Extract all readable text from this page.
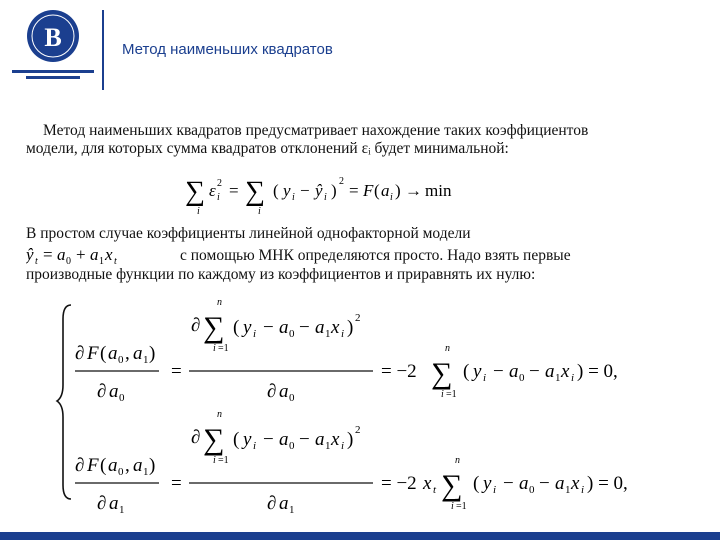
В	Метод наименьших квадратов
Метод наименьших квадратов предусматривает нахождение таких коэффициентов
модели, для которых сумма квадратов отклонений εᵢ будет минимальной:
∑
i
ε i
2 = ∑
i
( y i − ŷ i ) 2 = F ( a i ) → min
В простом случае коэффициенты линейной однофакторной модели
ŷ t = a 0 + a 1 x t	с помощью МНК определяются просто. Надо взять первые
производные функции по каждому из коэффициентов и приравнять их нулю:
∂ F ( a 0 , a 1 )
∂ a 0
=
∂ ∑
n
i =1
( y i − a 0 − a 1 x i ) 2
∂ a 0
= −2 ∑
n
i =1
( y i − a 0 − a 1 x i ) = 0,
∂ F ( a 0 , a 1 )
∂ a 1
=
∂ ∑
n
i =1
( y i − a 0 − a 1 x i ) 2
∂ a 1
= −2 x t ∑
n
i =1
( y i − a 0 − a 1 x i ) = 0,
